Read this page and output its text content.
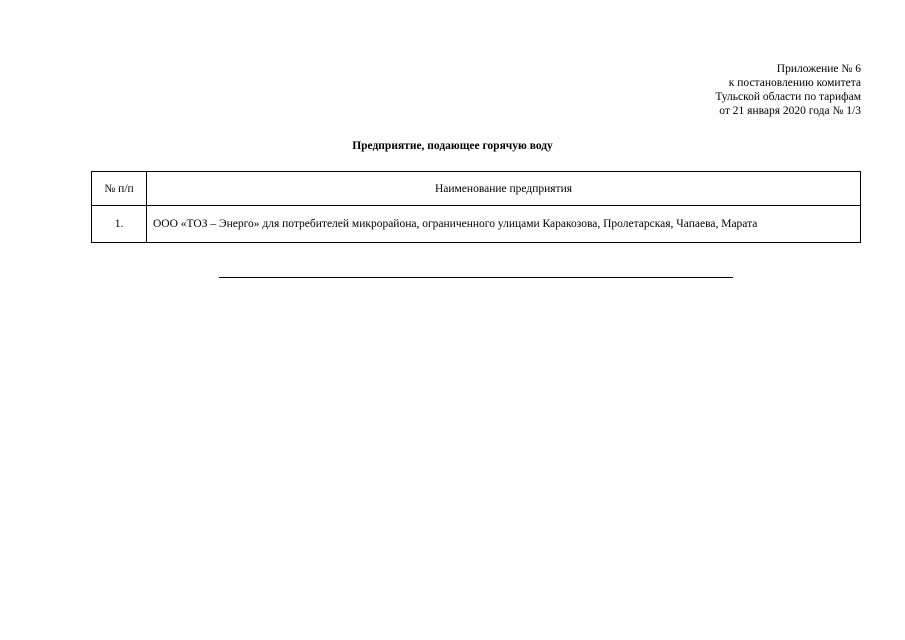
Приложение № 6
к постановлению комитета
Тульской области по тарифам
от 21 января 2020 года № 1/3
Предприятие, подающее горячую воду
№ п/п	Наименование предприятия
1.	ООО «ТОЗ – Энерго» для потребителей микрорайона, ограниченного улицами Каракозова, Пролетарская, Чапаева, Марата
